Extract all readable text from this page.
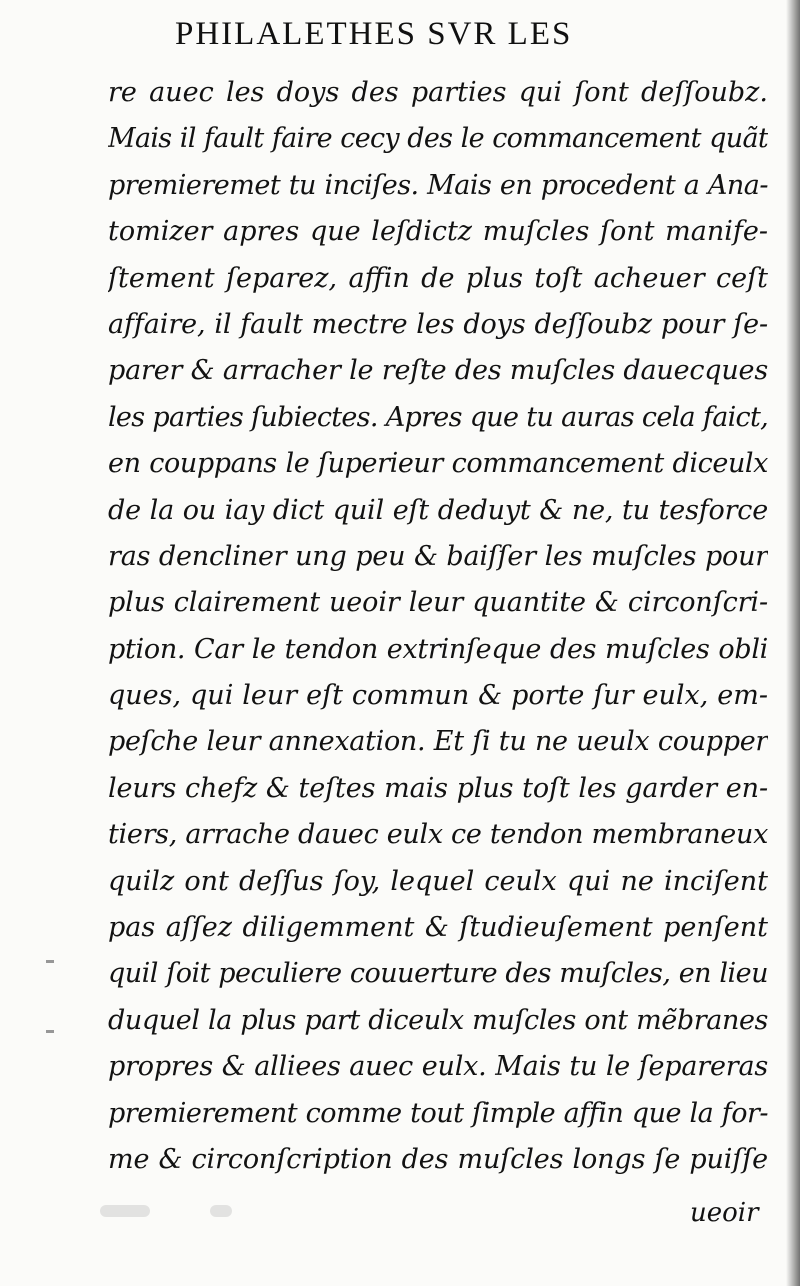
PHILALETHES SVR LES
re auec les doys des parties qui ſont deſſoubz.
Mais il fault faire cecy des le commancement quãt
premieremet tu inciſes. Mais en procedent a Ana-
tomizer apres que leſdictz muſcles ſont manife-
ſtement ſeparez, affin de plus toſt acheuer ceſt
affaire, il fault mectre les doys deſſoubz pour ſe-
parer & arracher le reſte des muſcles dauecques
les parties ſubiectes. Apres que tu auras cela faict,
en couppans le ſuperieur commancement diceulx
de la ou iay dict quil eſt deduyt & ne, tu tesforce
ras dencliner ung peu & baiſſer les muſcles pour
plus clairement ueoir leur quantite & circonſcri-
ption. Car le tendon extrinſeque des muſcles obli
ques, qui leur eſt commun & porte ſur eulx, em-
peſche leur annexation. Et ſi tu ne ueulx coupper
leurs chefz & teſtes mais plus toſt les garder en-
tiers, arrache dauec eulx ce tendon membraneux
quilz ont deſſus ſoy, lequel ceulx qui ne inciſent
pas aſſez diligemment & ſtudieuſement penſent
quil ſoit peculiere couuerture des muſcles, en lieu
duquel la plus part diceulx muſcles ont mẽbranes
propres & alliees auec eulx. Mais tu le ſepareras
premierement comme tout ſimple affin que la for-
me & circonſcription des muſcles longs ſe puiſſe
ueoir
